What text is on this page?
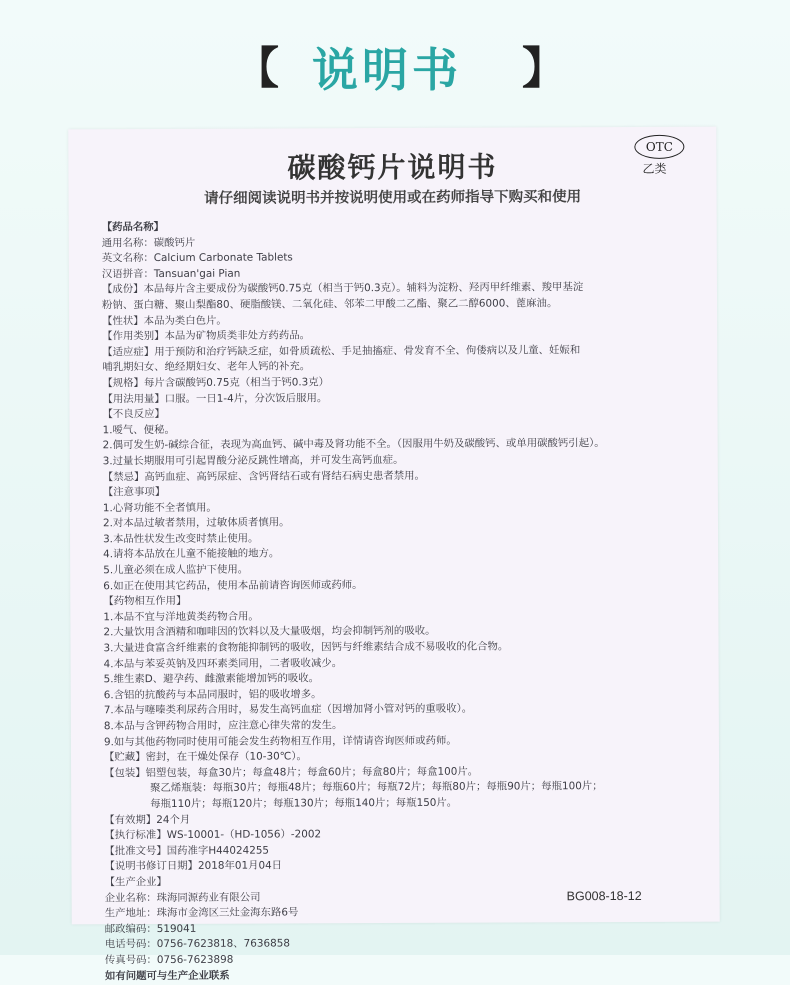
【 说明书 】
OTC
乙类
碳酸钙片说明书
请仔细阅读说明书并按说明使用或在药师指导下购买和使用
【药品名称】
通用名称：碳酸钙片
英文名称：Calcium Carbonate Tablets
汉语拼音：Tansuan'gai Pian
【成份】本品每片含主要成份为碳酸钙0.75克（相当于钙0.3克）。辅料为淀粉、羟丙甲纤维素、羧甲基淀
粉钠、蛋白糖、聚山梨酯80、硬脂酸镁、二氧化硅、邻苯二甲酸二乙酯、聚乙二醇6000、蓖麻油。
【性状】本品为类白色片。
【作用类别】本品为矿物质类非处方药药品。
【适应症】用于预防和治疗钙缺乏症，如骨质疏松、手足抽搐症、骨发育不全、佝偻病以及儿童、妊娠和
哺乳期妇女、绝经期妇女、老年人钙的补充。
【规格】每片含碳酸钙0.75克（相当于钙0.3克）
【用法用量】口服。一日1-4片，分次饭后服用。
【不良反应】
1.嗳气、便秘。
2.偶可发生奶-碱综合征，表现为高血钙、碱中毒及肾功能不全。（因服用牛奶及碳酸钙、或单用碳酸钙引起）。
3.过量长期服用可引起胃酸分泌反跳性增高，并可发生高钙血症。
【禁忌】高钙血症、高钙尿症、含钙肾结石或有肾结石病史患者禁用。
【注意事项】
1.心肾功能不全者慎用。
2.对本品过敏者禁用，过敏体质者慎用。
3.本品性状发生改变时禁止使用。
4.请将本品放在儿童不能接触的地方。
5.儿童必须在成人监护下使用。
6.如正在使用其它药品，使用本品前请咨询医师或药师。
【药物相互作用】
1.本品不宜与洋地黄类药物合用。
2.大量饮用含酒精和咖啡因的饮料以及大量吸烟，均会抑制钙剂的吸收。
3.大量进食富含纤维素的食物能抑制钙的吸收，因钙与纤维素结合成不易吸收的化合物。
4.本品与苯妥英钠及四环素类同用，二者吸收减少。
5.维生素D、避孕药、雌激素能增加钙的吸收。
6.含铝的抗酸药与本品同服时，铝的吸收增多。
7.本品与噻嗪类利尿药合用时，易发生高钙血症（因增加肾小管对钙的重吸收）。
8.本品与含钾药物合用时，应注意心律失常的发生。
9.如与其他药物同时使用可能会发生药物相互作用，详情请咨询医师或药师。
【贮藏】密封，在干燥处保存（10-30℃）。
【包装】铝塑包装，每盒30片；每盒48片；每盒60片；每盒80片；每盒100片。
聚乙烯瓶装：每瓶30片；每瓶48片；每瓶60片；每瓶72片；每瓶80片；每瓶90片；每瓶100片；
每瓶110片；每瓶120片；每瓶130片；每瓶140片；每瓶150片。
【有效期】24个月
【执行标准】WS-10001-（HD-1056）-2002
【批准文号】国药准字H44024255
【说明书修订日期】2018年01月04日
【生产企业】
企业名称：珠海同源药业有限公司
生产地址：珠海市金湾区三灶金海东路6号
邮政编码：519041
电话号码：0756-7623818、7636858
传真号码：0756-7623898
如有问题可与生产企业联系
BG008-18-12
